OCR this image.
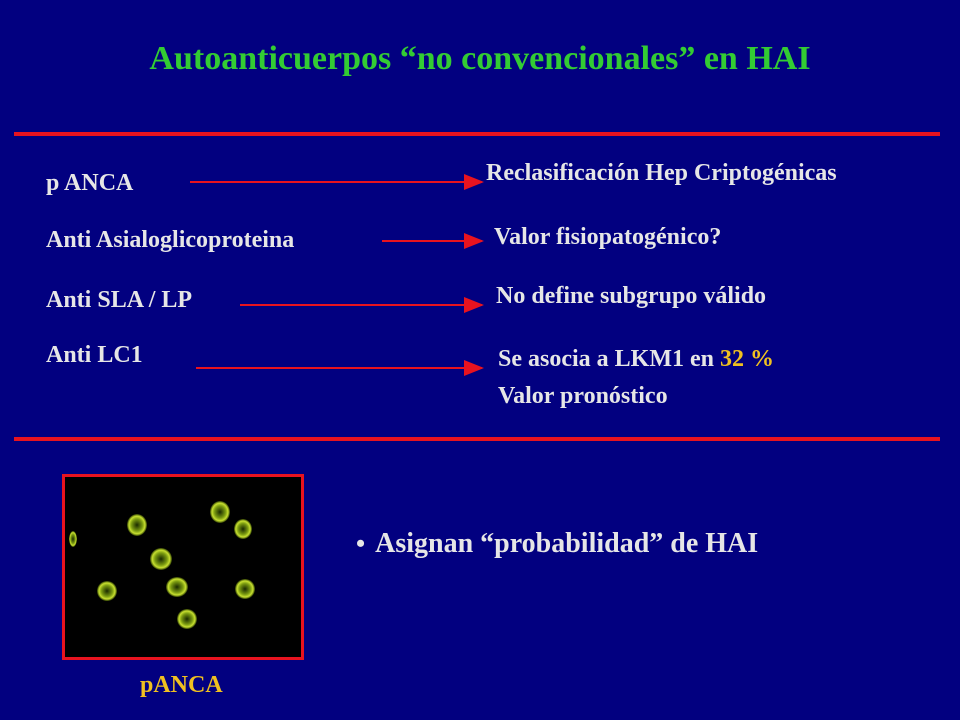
Autoanticuerpos “no convencionales” en HAI
p ANCA
Anti Asialoglicoproteina
Anti SLA / LP
Anti LC1
Reclasificación Hep Criptogénicas
Valor fisiopatogénico?
No define subgrupo válido
Se asocia a LKM1 en 32 %
Valor pronóstico
• Asignan “probabilidad” de HAI
pANCA
